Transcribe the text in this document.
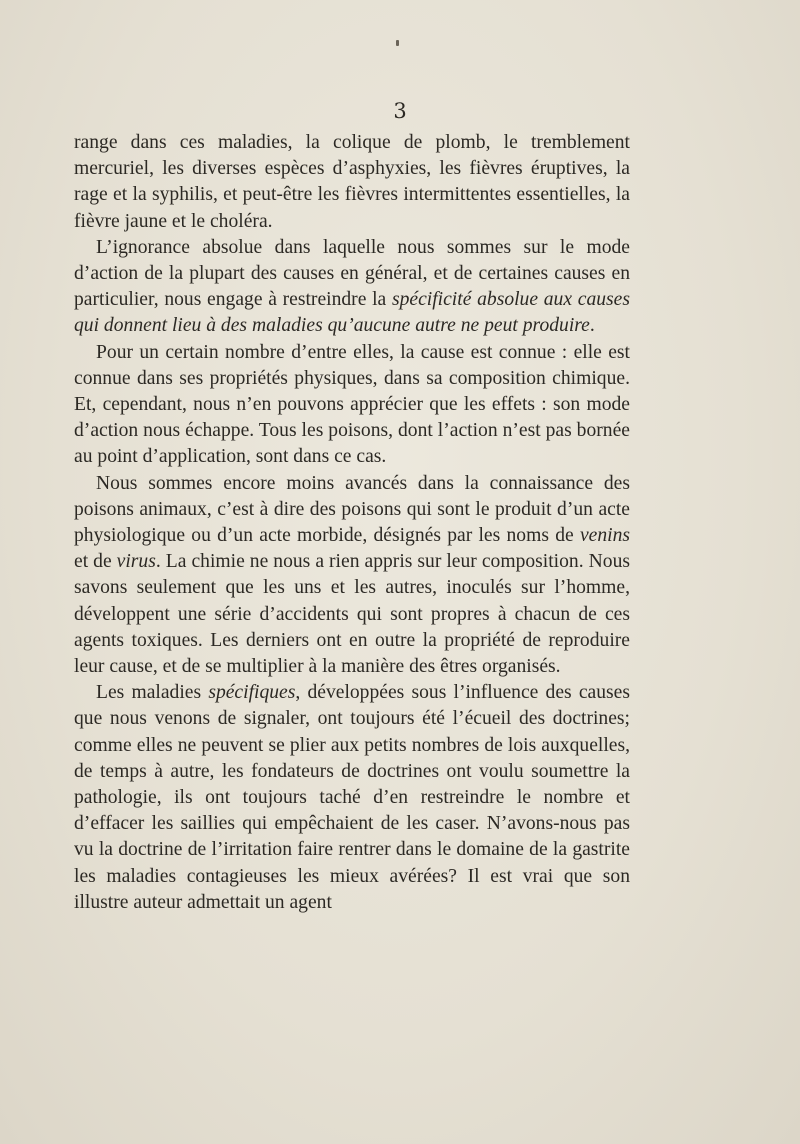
3

range dans ces maladies, la colique de plomb, le tremblement mercuriel, les diverses espèces d’asphyxies, les fièvres éruptives, la rage et la syphilis, et peut-être les fièvres intermittentes essentielles, la fièvre jaune et le choléra.

L’ignorance absolue dans laquelle nous sommes sur le mode d’action de la plupart des causes en général, et de certaines causes en particulier, nous engage à restreindre la spécificité absolue aux causes qui donnent lieu à des maladies qu’aucune autre ne peut produire.

Pour un certain nombre d’entre elles, la cause est connue : elle est connue dans ses propriétés physiques, dans sa composition chimique. Et, cependant, nous n’en pouvons apprécier que les effets : son mode d’action nous échappe. Tous les poisons, dont l’action n’est pas bornée au point d’application, sont dans ce cas.

Nous sommes encore moins avancés dans la connaissance des poisons animaux, c’est à dire des poisons qui sont le produit d’un acte physiologique ou d’un acte morbide, désignés par les noms de venins et de virus. La chimie ne nous a rien appris sur leur composition. Nous savons seulement que les uns et les autres, inoculés sur l’homme, développent une série d’accidents qui sont propres à chacun de ces agents toxiques. Les derniers ont en outre la propriété de reproduire leur cause, et de se multiplier à la manière des êtres organisés.

Les maladies spécifiques, développées sous l’influence des causes que nous venons de signaler, ont toujours été l’écueil des doctrines; comme elles ne peuvent se plier aux petits nombres de lois auxquelles, de temps à autre, les fondateurs de doctrines ont voulu soumettre la pathologie, ils ont toujours taché d’en restreindre le nombre et d’effacer les saillies qui empêchaient de les caser. N’avons-nous pas vu la doctrine de l’irritation faire rentrer dans le domaine de la gastrite les maladies contagieuses les mieux avérées? Il est vrai que son illustre auteur admettait un agent
